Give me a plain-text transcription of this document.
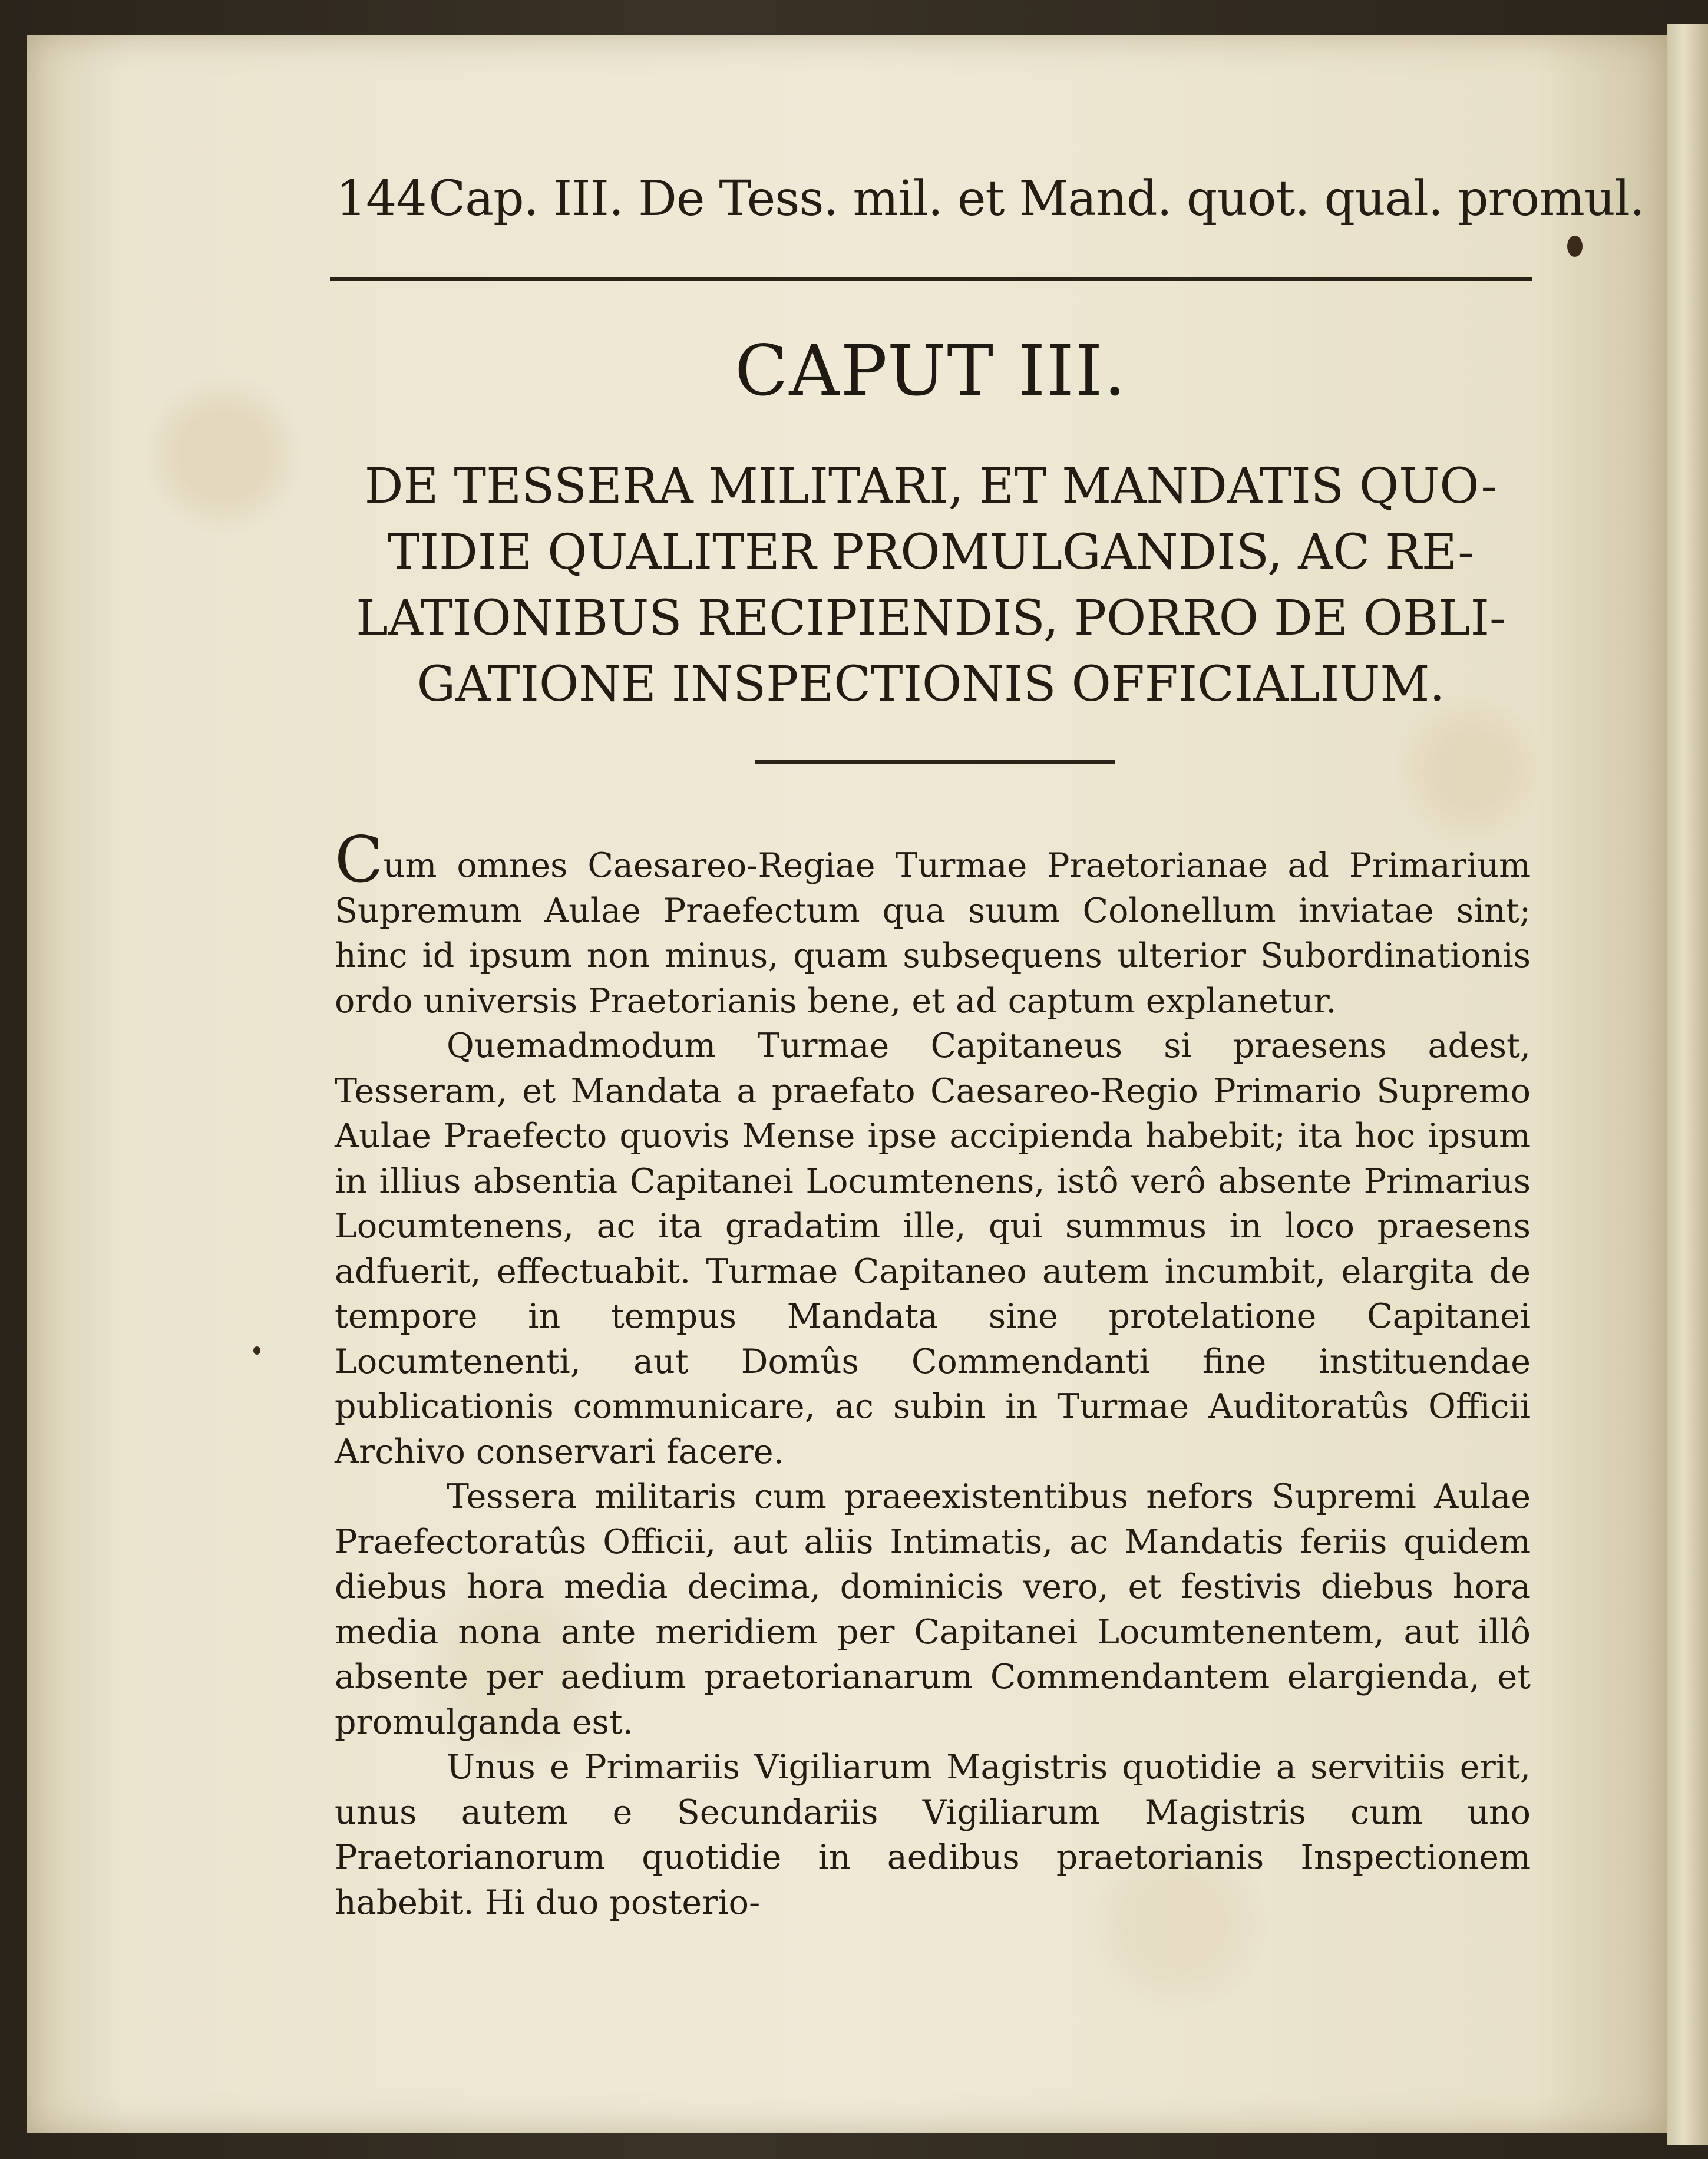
144Cap. III. De Tess. mil. et Mand. quot. qual. promul.
CAPUT III.
DE TESSERA MILITARI, ET MANDATIS QUO-
TIDIE QUALITER PROMULGANDIS, AC RE-
LATIONIBUS RECIPIENDIS, PORRO DE OBLI-
GATIONE INSPECTIONIS OFFICIALIUM.

Cum omnes Caesareo-Regiae Turmae Praetorianae ad Primarium Supremum Aulae Praefectum qua suum Colonellum inviatae sint; hinc id ipsum non minus, quam subsequens ulterior Subordinationis ordo universis Praetorianis bene, et ad captum explanetur.

Quemadmodum Turmae Capitaneus si praesens adest, Tesseram, et Mandata a praefato Caesareo-Regio Primario Supremo Aulae Praefecto quovis Mense ipse accipienda habebit; ita hoc ipsum in illius absentia Capitanei Locumtenens, istô verô absente Primarius Locumtenens, ac ita gradatim ille, qui summus in loco praesens adfuerit, effectuabit. Turmae Capitaneo autem incumbit, elargita de tempore in tempus Mandata sine protelatione Capitanei Locumtenenti, aut Domûs Commendanti fine instituendae publicationis communicare, ac subin in Turmae Auditoratûs Officii Archivo conservari facere.

Tessera militaris cum praeexistentibus nefors Supremi Aulae Praefectoratûs Officii, aut aliis Intimatis, ac Mandatis feriis quidem diebus hora media decima, dominicis vero, et festivis diebus hora media nona ante meridiem per Capitanei Locumtenentem, aut illô absente per aedium praetorianarum Commendantem elargienda, et promulganda est.

Unus e Primariis Vigiliarum Magistris quotidie a servitiis erit, unus autem e Secundariis Vigiliarum Magistris cum uno Praetorianorum quotidie in aedibus praetorianis Inspectionem habebit. Hi duo posterio-
